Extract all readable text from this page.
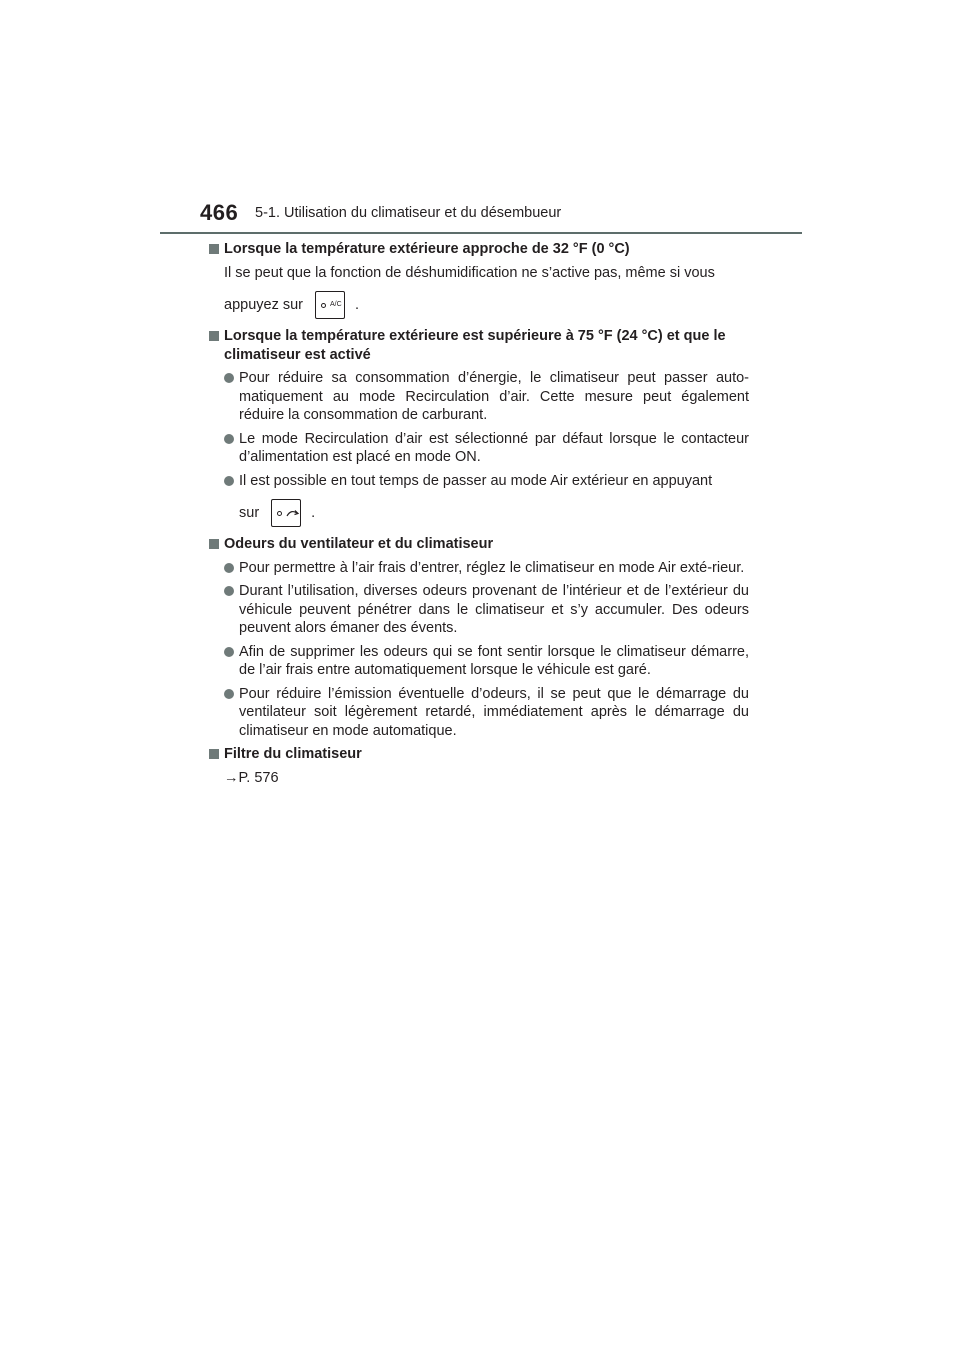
466 5-1. Utilisation du climatiseur et du désembueur
Lorsque la température extérieure approche de 32 °F (0 °C)
Il se peut que la fonction de déshumidification ne s’active pas, même si vous
appuyez sur	A/C .
Lorsque la température extérieure est supérieure à 75 °F (24 °C) et que le
climatiseur est activé
Pour réduire sa consommation d’énergie, le climatiseur peut passer auto-matiquement au mode Recirculation d’air. Cette mesure peut également réduire la consommation de carburant.
Le mode Recirculation d’air est sélectionné par défaut lorsque le contacteur d’alimentation est placé en mode ON.
Il est possible en tout temps de passer au mode Air extérieur en appuyant
sur	.
Odeurs du ventilateur et du climatiseur
Pour permettre à l’air frais d’entrer, réglez le climatiseur en mode Air exté-rieur.
Durant l’utilisation, diverses odeurs provenant de l’intérieur et de l’extérieur du véhicule peuvent pénétrer dans le climatiseur et s’y accumuler. Des odeurs peuvent alors émaner des évents.
Afin de supprimer les odeurs qui se font sentir lorsque le climatiseur démarre, de l’air frais entre automatiquement lorsque le véhicule est garé.
Pour réduire l’émission éventuelle d’odeurs, il se peut que le démarrage du ventilateur soit légèrement retardé, immédiatement après le démarrage du climatiseur en mode automatique.
Filtre du climatiseur
→P. 576
